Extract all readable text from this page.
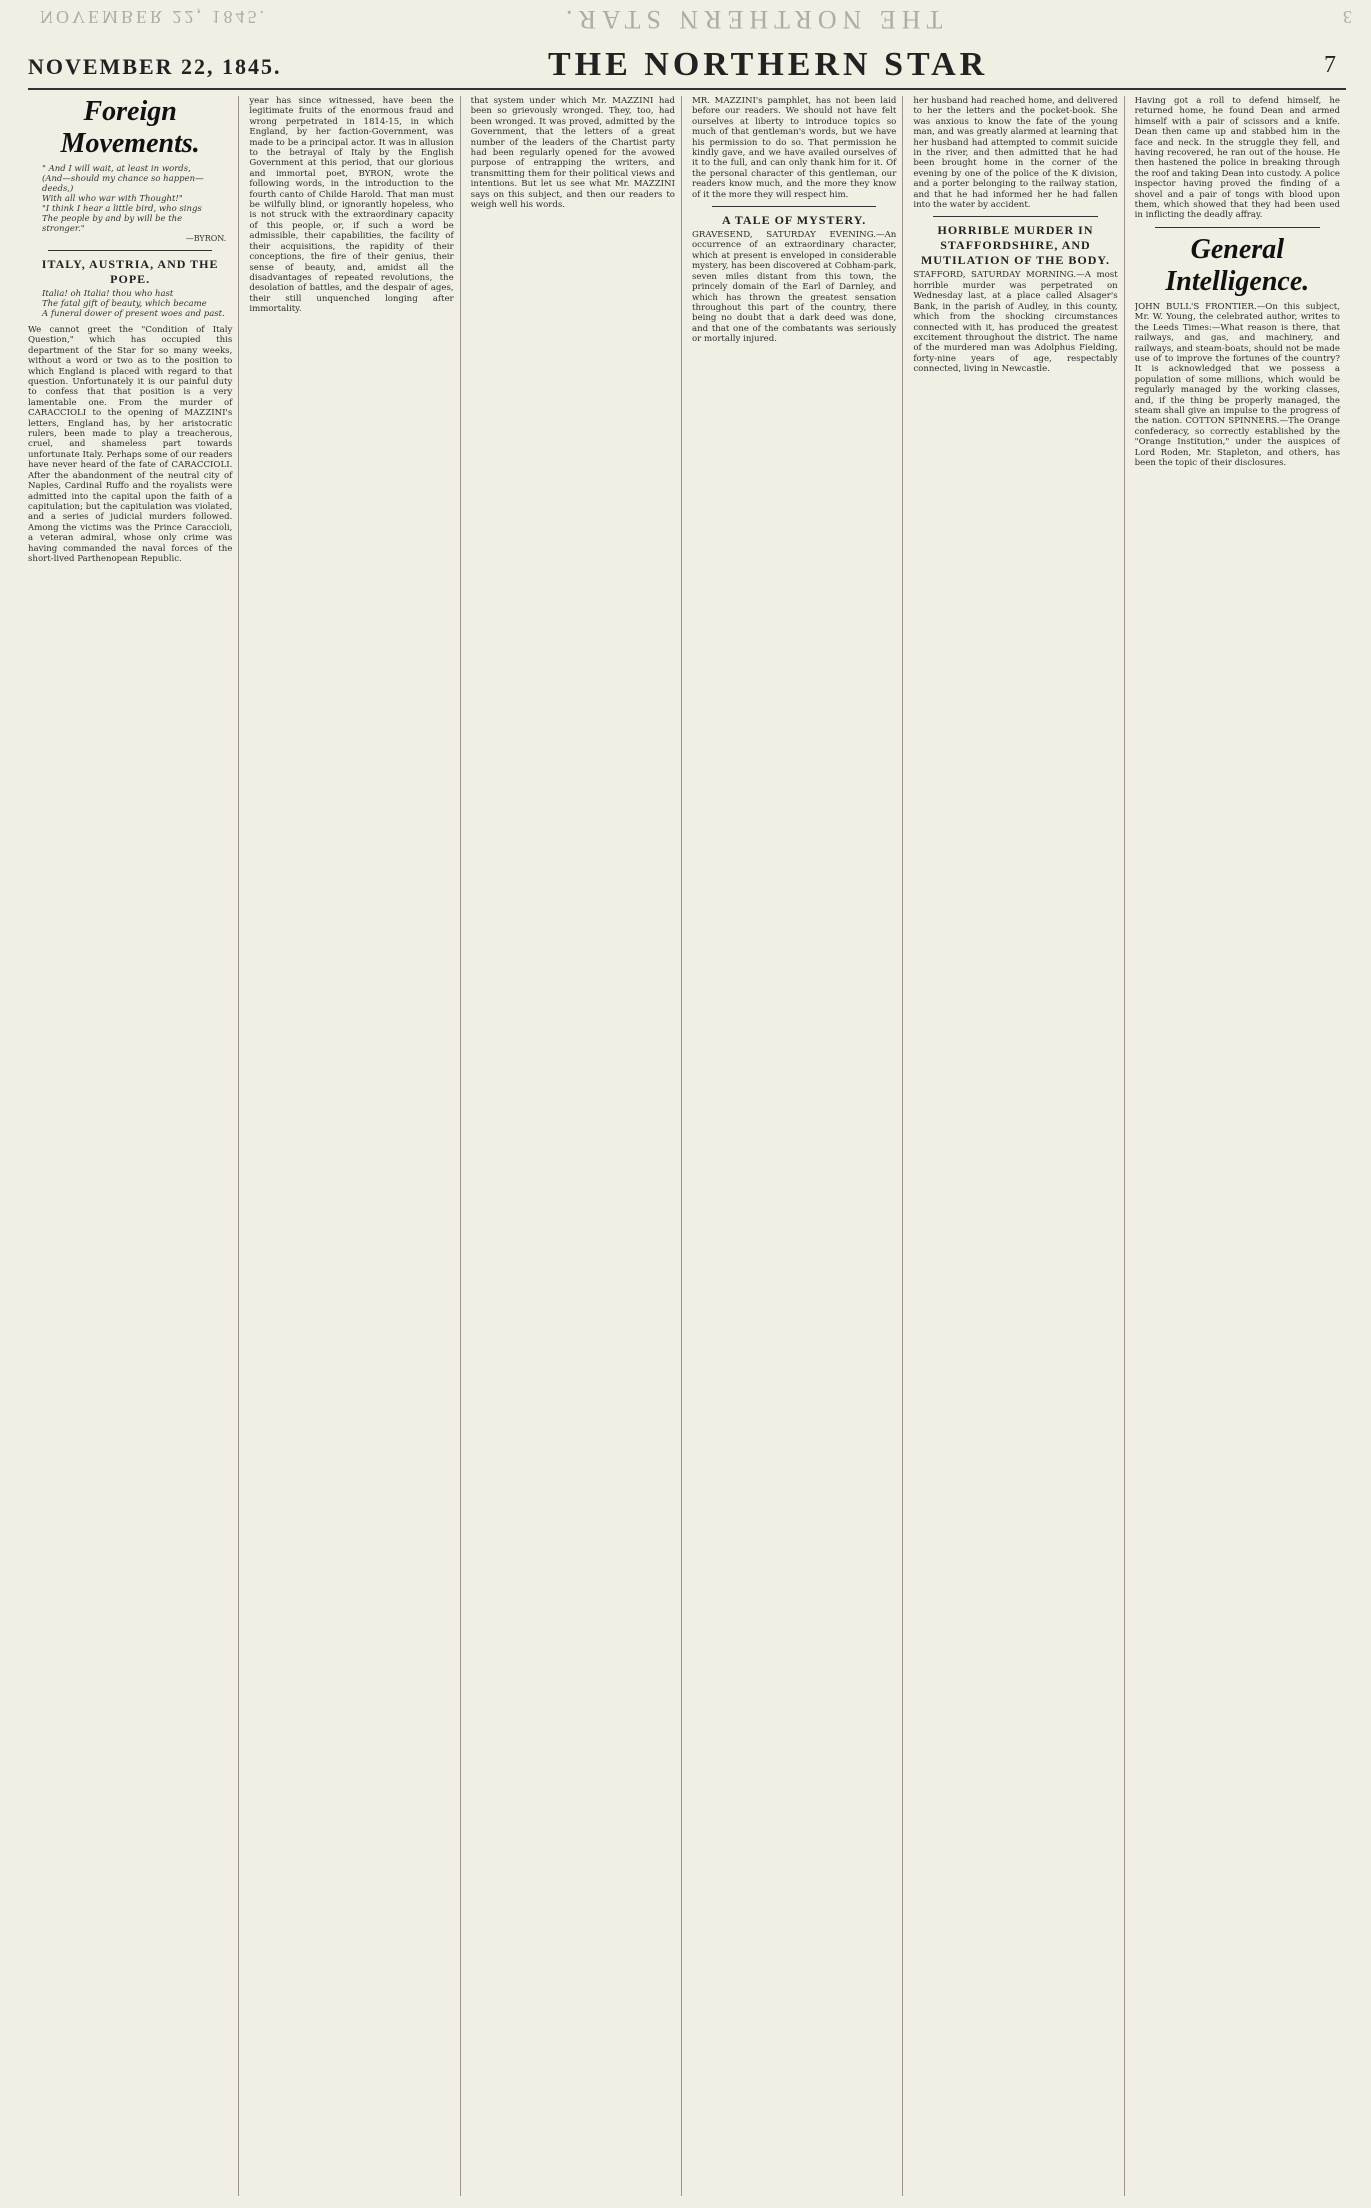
NOVEMBER 22, 1845.	THE NORTHERN STAR.	3
NOVEMBER 22, 1845.	THE NORTHERN STAR	7
Foreign Movements.
" And I will wait, at least in words,
(And—should my chance so happen—deeds,)
With all who war with Thought!"
"I think I hear a little bird, who sings
The people by and by will be the stronger."
—BYRON.
ITALY, AUSTRIA, AND THE POPE.
Italia! oh Italia! thou who hast
The fatal gift of beauty, which became
A funeral dower of present woes and past.

We cannot greet the "Condition of Italy Question," which has occupied this department of the Star for so many weeks, without a word or two as to the position to which England is placed with regard to that question. Unfortunately it is our painful duty to confess that that position is a very lamentable one. From the murder of CARACCIOLI to the opening of MAZZINI's letters, England has, by her aristocratic rulers, been made to play a treacherous, cruel, and shameless part towards unfortunate Italy. Perhaps some of our readers have never heard of the fate of CARACCIOLI. After the abandonment of the neutral city of Naples, Cardinal Ruffo and the royalists were admitted into the capital upon the faith of a capitulation; but the capitulation was violated, and a series of judicial murders followed. Among the victims was the Prince Caraccioli, a veteran admiral, whose only crime was having commanded the naval forces of the short-lived Parthenopean Republic.

year has since witnessed, have been the legitimate fruits of the enormous fraud and wrong perpetrated in 1814-15, in which England, by her faction-Government, was made to be a principal actor. It was in allusion to the betrayal of Italy by the English Government at this period, that our glorious and immortal poet, BYRON, wrote the following words, in the introduction to the fourth canto of Childe Harold. That man must be wilfully blind, or ignorantly hopeless, who is not struck with the extraordinary capacity of this people, or, if such a word be admissible, their capabilities, the facility of their acquisitions, the rapidity of their conceptions, the fire of their genius, their sense of beauty, and, amidst all the disadvantages of repeated revolutions, the desolation of battles, and the despair of ages, their still unquenched longing after immortality.

that system under which Mr. MAZZINI had been so grievously wronged. They, too, had been wronged. It was proved, admitted by the Government, that the letters of a great number of the leaders of the Chartist party had been regularly opened for the avowed purpose of entrapping the writers, and transmitting them for their political views and intentions. But let us see what Mr. MAZZINI says on this subject, and then our readers to weigh well his words.

MR. MAZZINI's pamphlet, has not been laid before our readers. We should not have felt ourselves at liberty to introduce topics so much of that gentleman's words, but we have his permission to do so. That permission he kindly gave, and we have availed ourselves of it to the full, and can only thank him for it. Of the personal character of this gentleman, our readers know much, and the more they know of it the more they will respect him.

A TALE OF MYSTERY.

GRAVESEND, SATURDAY EVENING.—An occurrence of an extraordinary character, which at present is enveloped in considerable mystery, has been discovered at Cobham-park, seven miles distant from this town, the princely domain of the Earl of Darnley, and which has thrown the greatest sensation throughout this part of the country, there being no doubt that a dark deed was done, and that one of the combatants was seriously or mortally injured.

her husband had reached home, and delivered to her the letters and the pocket-book. She was anxious to know the fate of the young man, and was greatly alarmed at learning that her husband had attempted to commit suicide in the river, and then admitted that he had been brought home in the corner of the evening by one of the police of the K division, and a porter belonging to the railway station, and that he had informed her he had fallen into the water by accident.

HORRIBLE MURDER IN STAFFORDSHIRE, AND MUTILATION OF THE BODY.

STAFFORD, SATURDAY MORNING.—A most horrible murder was perpetrated on Wednesday last, at a place called Alsager's Bank, in the parish of Audley, in this county, which from the shocking circumstances connected with it, has produced the greatest excitement throughout the district. The name of the murdered man was Adolphus Fielding, forty-nine years of age, respectably connected, living in Newcastle.

Having got a roll to defend himself, he returned home, he found Dean and armed himself with a pair of scissors and a knife. Dean then came up and stabbed him in the face and neck. In the struggle they fell, and having recovered, he ran out of the house. He then hastened the police in breaking through the roof and taking Dean into custody. A police inspector having proved the finding of a shovel and a pair of tongs with blood upon them, which showed that they had been used in inflicting the deadly affray.

General Intelligence.

JOHN BULL'S FRONTIER.—On this subject, Mr. W. Young, the celebrated author, writes to the Leeds Times:—What reason is there, that railways, and gas, and machinery, and railways, and steam-boats, should not be made use of to improve the fortunes of the country? It is acknowledged that we possess a population of some millions, which would be regularly managed by the working classes, and, if the thing be properly managed, the steam shall give an impulse to the progress of the nation. COTTON SPINNERS.—The Orange confederacy, so correctly established by the "Orange Institution," under the auspices of Lord Roden, Mr. Stapleton, and others, has been the topic of their disclosures.
